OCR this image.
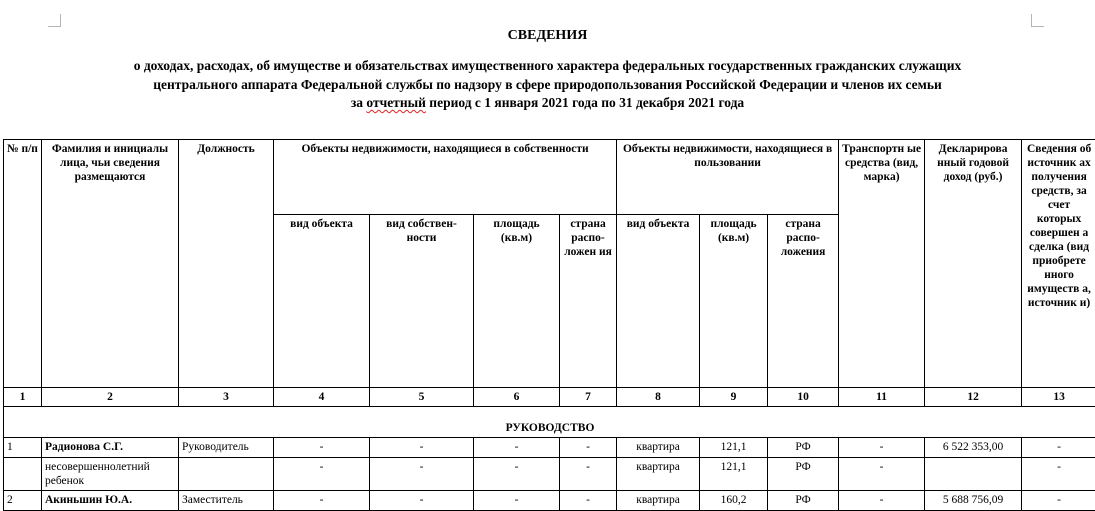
СВЕДЕНИЯ
о доходах, расходах, об имуществе и обязательствах имущественного характера федеральных государственных гражданских служащих
центрального аппарата Федеральной службы по надзору в сфере природопользования Российской Федерации и членов их семьи
за отчетный период с 1 января 2021 года по 31 декабря 2021 года
№ п/п	Фамилия и инициалы лица, чьи сведения размещаются	Должность	Объекты недвижимости, находящиеся в собственности				Объекты недвижимости, находящиеся в пользовании			Транспортн ые средства (вид, марка)	Декларирова нный годовой доход (руб.)	Сведения об источник ах получения средств, за счет которых совершен а сделка (вид приобрете нного имуществ а, источник и)
			вид объекта	вид собствен-ности	площадь (кв.м)	страна распо-ложен ия	вид объекта	площадь (кв.м)	страна распо-ложения			
1	2	3	4	5	6	7	8	9	10	11	12	13
РУКОВОДСТВО												
1	Радионова С.Г.	Руководитель	-	-	-	-	квартира	121,1	РФ	-	6 522 353,00	-
	несовершеннолетний ребенок		-	-	-	-	квартира	121,1	РФ	-		-
2	Акиньшин Ю.А.	Заместитель	-	-	-	-	квартира	160,2	РФ	-	5 688 756,09	-
